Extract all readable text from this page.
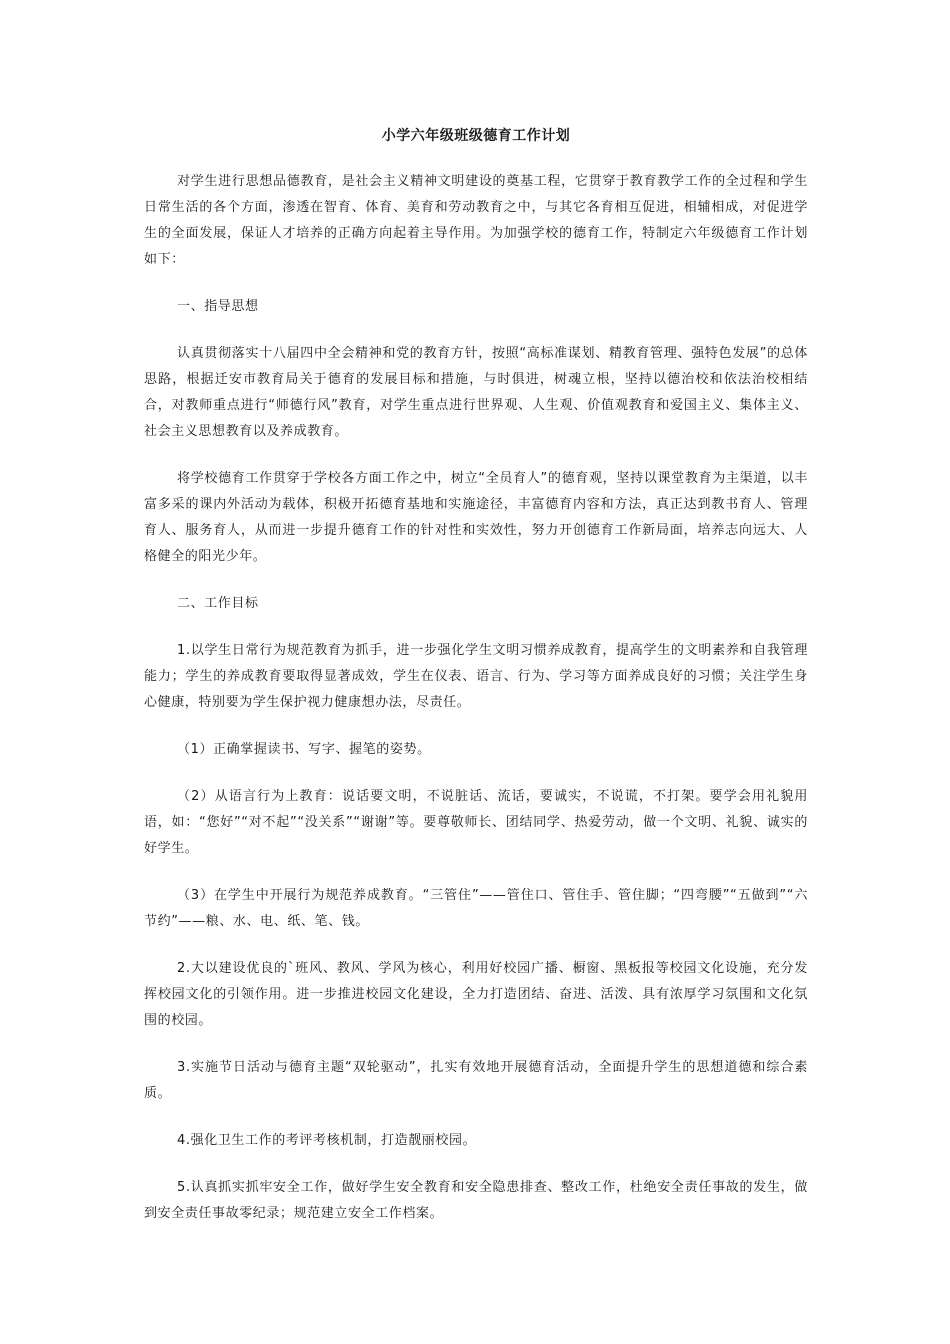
小学六年级班级德育工作计划

对学生进行思想品德教育，是社会主义精神文明建设的奠基工程，它贯穿于教育教学工作的全过程和学生日常生活的各个方面，渗透在智育、体育、美育和劳动教育之中，与其它各育相互促进，相辅相成，对促进学生的全面发展，保证人才培养的正确方向起着主导作用。为加强学校的德育工作，特制定六年级德育工作计划如下：

一、指导思想

认真贯彻落实十八届四中全会精神和党的教育方针，按照“高标准谋划、精教育管理、强特色发展”的总体思路，根据迁安市教育局关于德育的发展目标和措施，与时俱进，树魂立根，坚持以德治校和依法治校相结合，对教师重点进行“师德行风”教育，对学生重点进行世界观、人生观、价值观教育和爱国主义、集体主义、社会主义思想教育以及养成教育。

将学校德育工作贯穿于学校各方面工作之中，树立“全员育人”的德育观，坚持以课堂教育为主渠道，以丰富多采的课内外活动为载体，积极开拓德育基地和实施途径，丰富德育内容和方法，真正达到教书育人、管理育人、服务育人，从而进一步提升德育工作的针对性和实效性，努力开创德育工作新局面，培养志向远大、人格健全的阳光少年。

二、工作目标

1.以学生日常行为规范教育为抓手，进一步强化学生文明习惯养成教育，提高学生的文明素养和自我管理能力；学生的养成教育要取得显著成效，学生在仪表、语言、行为、学习等方面养成良好的习惯；关注学生身心健康，特别要为学生保护视力健康想办法，尽责任。

（1）正确掌握读书、写字、握笔的姿势。

（2）从语言行为上教育：说话要文明，不说脏话、流话，要诚实，不说谎，不打架。要学会用礼貌用语，如：“您好”“对不起”“没关系”“谢谢”等。要尊敬师长、团结同学、热爱劳动，做一个文明、礼貌、诚实的好学生。

（3）在学生中开展行为规范养成教育。“三管住”——管住口、管住手、管住脚；“四弯腰”“五做到”“六节约”——粮、水、电、纸、笔、钱。

2.大以建设优良的`班风、教风、学风为核心，利用好校园广播、橱窗、黑板报等校园文化设施，充分发挥校园文化的引领作用。进一步推进校园文化建设，全力打造团结、奋进、活泼、具有浓厚学习氛围和文化氛围的校园。

3.实施节日活动与德育主题“双轮驱动”，扎实有效地开展德育活动，全面提升学生的思想道德和综合素质。

4.强化卫生工作的考评考核机制，打造靓丽校园。

5.认真抓实抓牢安全工作，做好学生安全教育和安全隐患排查、整改工作，杜绝安全责任事故的发生，做到安全责任事故零纪录；规范建立安全工作档案。
